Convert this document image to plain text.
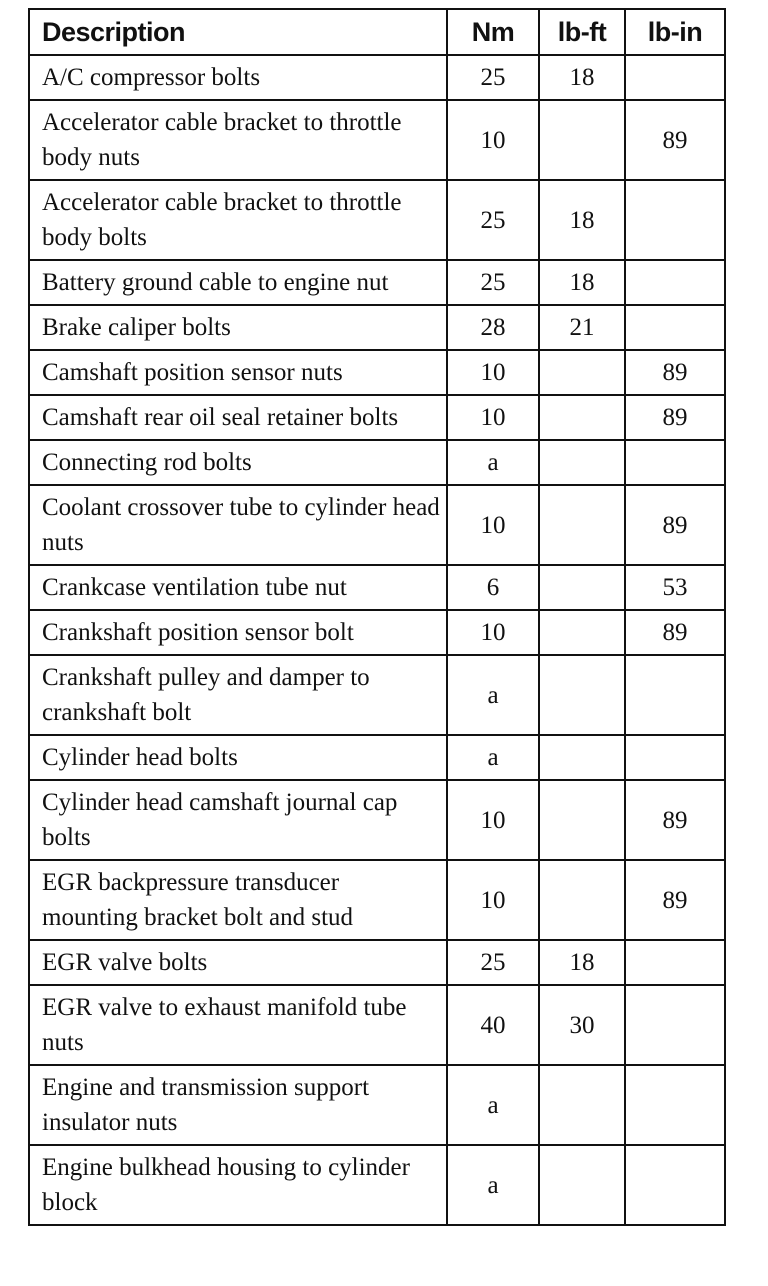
Description	Nm	lb-ft	lb-in
A/C compressor bolts	25	18	
Accelerator cable bracket to throttle body nuts	10		89
Accelerator cable bracket to throttle body bolts	25	18	
Battery ground cable to engine nut	25	18	
Brake caliper bolts	28	21	
Camshaft position sensor nuts	10		89
Camshaft rear oil seal retainer bolts	10		89
Connecting rod bolts	a		
Coolant crossover tube to cylinder head nuts	10		89
Crankcase ventilation tube nut	6		53
Crankshaft position sensor bolt	10		89
Crankshaft pulley and damper to crankshaft bolt	a		
Cylinder head bolts	a		
Cylinder head camshaft journal cap bolts	10		89
EGR backpressure transducer mounting bracket bolt and stud	10		89
EGR valve bolts	25	18	
EGR valve to exhaust manifold tube nuts	40	30	
Engine and transmission support insulator nuts	a		
Engine bulkhead housing to cylinder block	a		
